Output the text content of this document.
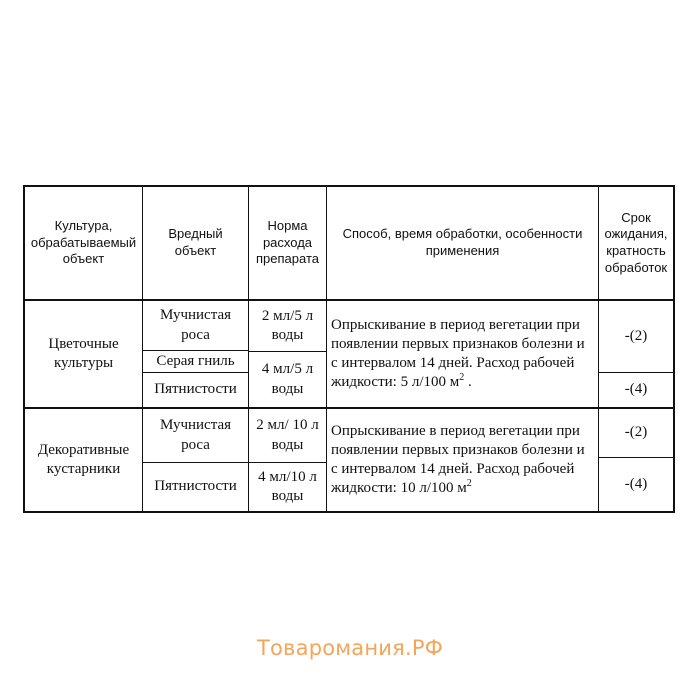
Культура, обрабатываемый объект
Вредный объект
Норма расхода препарата
Способ, время обработки, особенности применения
Срок ожидания, кратность обработок
Цветочные культуры
Мучнистая роса
Серая гниль
Пятнистости
2 мл/5 л воды
4 мл/5 л воды
Опрыскивание в период вегетации при появлении первых признаков болезни и с интервалом 14 дней. Расход рабочей жидкости: 5 л/100 $м^2$ .
-(2)
-(4)
Декоративные кустарники
Мучнистая роса
Пятнистости
2 мл/ 10 л воды
4 мл/10 л воды
Опрыскивание в период вегетации при появлении первых признаков болезни и с интервалом 14 дней. Расход рабочей жидкости: 10 л/100 $м^2$
-(2)
-(4)
Товаромания.РФ
